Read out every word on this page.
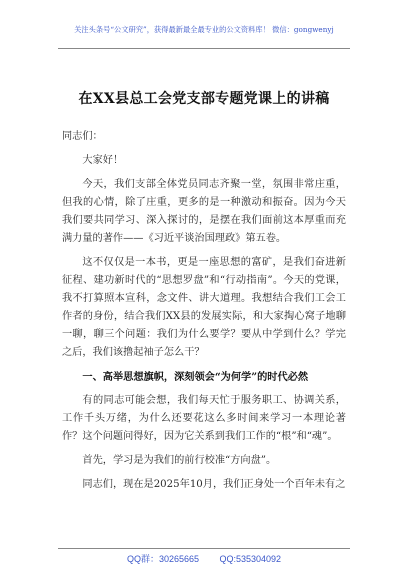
关注头条号“公文研究”，获得最新最全最专业的公文资料库！ 微信：gongwenyj
在XX县总工会党支部专题党课上的讲稿

同志们：

大家好！

今天，我们支部全体党员同志齐聚一堂，氛围非常庄重，但我的心情，除了庄重，更多的是一种激动和振奋。因为今天我们要共同学习、深入探讨的，是摆在我们面前这本厚重而充满力量的著作——《习近平谈治国理政》第五卷。

这不仅仅是一本书，更是一座思想的富矿，是我们奋进新征程、建功新时代的“思想罗盘”和“行动指南”。今天的党课，我不打算照本宣科，念文件、讲大道理。我想结合我们工会工作者的身份，结合我们XX县的发展实际，和大家掏心窝子地聊一聊，聊三个问题：我们为什么要学？要从中学到什么？学完之后，我们该撸起袖子怎么干？

一、高举思想旗帜，深刻领会“为何学”的时代必然

有的同志可能会想，我们每天忙于服务职工、协调关系，工作千头万绪，为什么还要花这么多时间来学习一本理论著作？这个问题问得好，因为它关系到我们工作的“根”和“魂”。

首先，学习是为我们的前行校准“方向盘”。

同志们，现在是2025年10月，我们正身处一个百年未有之

QQ群：30265665 QQ:535304092
